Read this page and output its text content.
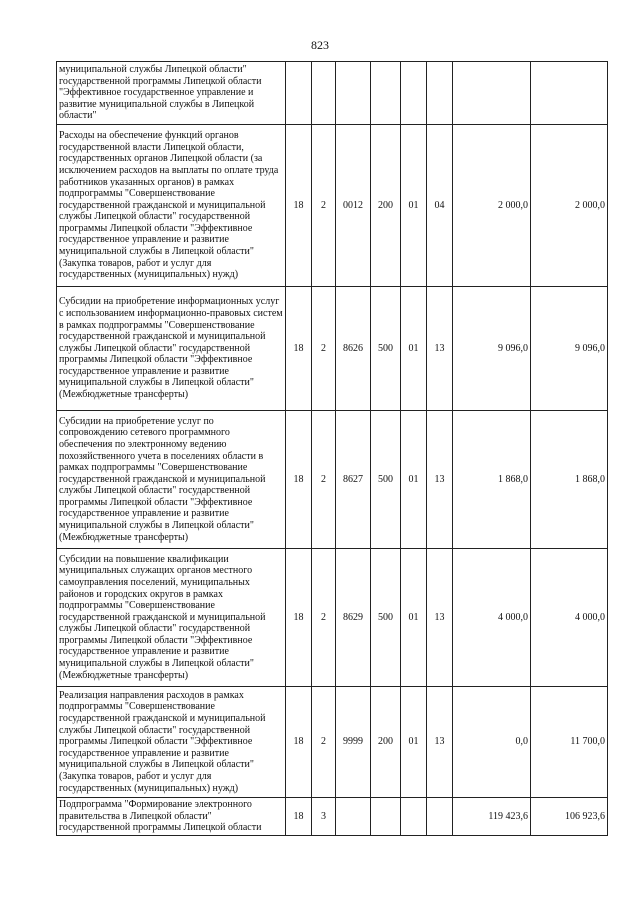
823
муниципальной службы Липецкой области" государственной программы Липецкой области "Эффективное государственное управление и развитие муниципальной службы в Липецкой области"								
Расходы на обеспечение функций органов государственной власти Липецкой области, государственных органов Липецкой области (за исключением расходов на выплаты по оплате труда работников указанных органов) в рамках подпрограммы "Совершенствование государственной гражданской и муниципальной службы Липецкой области" государственной программы Липецкой области "Эффективное государственное управление и развитие муниципальной службы в Липецкой области" (Закупка товаров, работ и услуг для государственных (муниципальных) нужд)	18	2	0012	200	01	04	2 000,0	2 000,0
Субсидии на приобретение информационных услуг с использованием информационно-правовых систем в рамках подпрограммы "Совершенствование государственной гражданской и муниципальной службы Липецкой области" государственной программы Липецкой области "Эффективное государственное управление и развитие муниципальной службы в Липецкой области" (Межбюджетные трансферты)	18	2	8626	500	01	13	9 096,0	9 096,0
Субсидии на приобретение услуг по сопровождению сетевого программного обеспечения по электронному ведению похозяйственного учета в поселениях области в рамках подпрограммы "Совершенствование государственной гражданской и муниципальной службы Липецкой области" государственной программы Липецкой области "Эффективное государственное управление и развитие муниципальной службы в Липецкой области" (Межбюджетные трансферты)	18	2	8627	500	01	13	1 868,0	1 868,0
Субсидии на повышение квалификации муниципальных служащих органов местного самоуправления поселений, муниципальных районов и городских округов в рамках подпрограммы "Совершенствование государственной гражданской и муниципальной службы Липецкой области" государственной программы Липецкой области "Эффективное государственное управление и развитие муниципальной службы в Липецкой области" (Межбюджетные трансферты)	18	2	8629	500	01	13	4 000,0	4 000,0
Реализация направления расходов в рамках подпрограммы "Совершенствование государственной гражданской и муниципальной службы Липецкой области" государственной программы Липецкой области "Эффективное государственное управление и развитие муниципальной службы в Липецкой области" (Закупка товаров, работ и услуг для государственных (муниципальных) нужд)	18	2	9999	200	01	13	0,0	11 700,0
Подпрограмма "Формирование электронного правительства в Липецкой области" государственной программы Липецкой области	18	3					119 423,6	106 923,6
